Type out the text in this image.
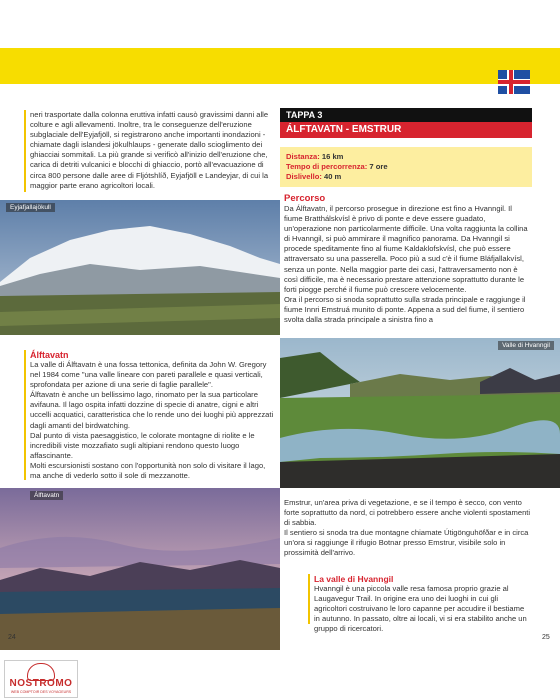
neri trasportate dalla colonna eruttiva infatti causò gravissimi danni alle colture e agli allevamenti. Inoltre, tra le conseguenze dell'eruzione subglaciale dell'Eyjafjöll, si registrarono anche importanti inondazioni - chiamate dagli islandesi jökulhlaups - generate dallo scioglimento dei ghiacciai sommitali. La più grande si verificò all'inizio dell'eruzione che, carica di detriti vulcanici e blocchi di ghiaccio, portò all'evacuazione di circa 800 persone dalle aree di Fljótshlíð, Eyjafjöll e Landeyjar, di cui la maggior parte erano agricoltori locali.
Eyjafjallajökull
Álftavatn
La valle di Álftavatn è una fossa tettonica, definita da John W. Gregory nel 1984 come "una valle lineare con pareti parallele e quasi verticali, sprofondata per azione di una serie di faglie parallele".
Álftavatn è anche un bellissimo lago, rinomato per la sua particolare avifauna. Il lago ospita infatti dozzine di specie di anatre, cigni e altri uccelli acquatici, caratteristica che lo rende uno dei luoghi più apprezzati dagli amanti del birdwatching.
Dal punto di vista paesaggistico, le colorate montagne di riolite e le incredibili viste mozzafiato sugli altipiani rendono questo luogo affascinante.
Molti escursionisti sostano con l'opportunità non solo di visitare il lago, ma anche di vederlo sotto il sole di mezzanotte.
Álftavatn
24
TAPPA 3
ÁLFTAVATN - EMSTRUR
Distanza: 16 km
Tempo di percorrenza: 7 ore
Dislivello: 40 m
Percorso
Da Álftavatn, il percorso prosegue in direzione est fino a Hvanngil. Il fiume Bratthálskvísl è privo di ponte e deve essere guadato, un'operazione non particolarmente difficile. Una volta raggiunta la collina di Hvanngil, si può ammirare il magnifico panorama. Da Hvanngil si procede speditamente fino al fiume Kaldaklofskvísl, che può essere attraversato su una passerella. Poco più a sud c'è il fiume Bláfjallakvísl, senza un ponte. Nella maggior parte dei casi, l'attraversamento non è così difficile, ma è necessario prestare attenzione soprattutto durante le forti piogge perché il fiume può crescere velocemente.
Ora il percorso si snoda soprattutto sulla strada principale e raggiunge il fiume Innri Emstruá munito di ponte. Appena a sud del fiume, il sentiero svolta dalla strada principale a sinistra fino a
Valle di Hvanngil
Emstrur, un'area priva di vegetazione, e se il tempo è secco, con vento forte soprattutto da nord, ci potrebbero essere anche violenti spostamenti di sabbia.
Il sentiero si snoda tra due montagne chiamate Útigönguhöfðar e in circa un'ora si raggiunge il rifugio Botnar presso Emstrur, visibile solo in prossimità dell'arrivo.
La valle di Hvanngil
Hvanngil è una piccola valle resa famosa proprio grazie al Laugavegur Trail. In origine era uno dei luoghi in cui gli agricoltori costruivano le loro capanne per accudire il bestiame in autunno. In passato, oltre ai locali, vi si era stabilito anche un gruppo di ricercatori.
25
NOSTROMO
WEB COMPTOIR DES VOYAGEURS
